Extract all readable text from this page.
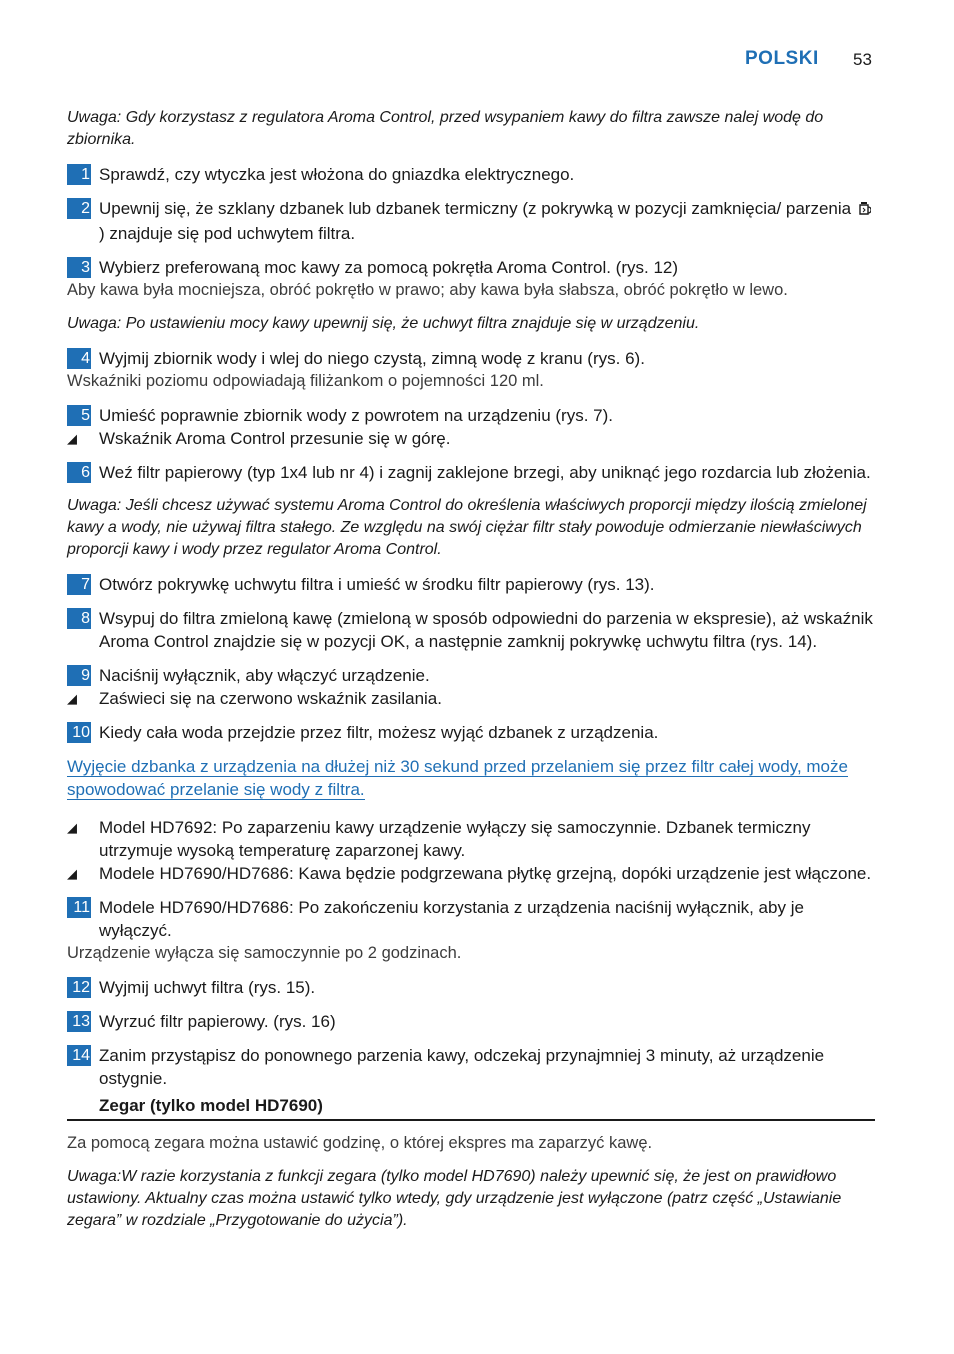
POLSKI 53

Uwaga: Gdy korzystasz z regulatora Aroma Control, przed wsypaniem kawy do filtra zawsze nalej wodę do zbiornika.

1 Sprawdź, czy wtyczka jest włożona do gniazdka elektrycznego.

2 Upewnij się, że szklany dzbanek lub dzbanek termiczny (z pokrywką w pozycji zamknięcia/ parzenia ) znajduje się pod uchwytem filtra.

3 Wybierz preferowaną moc kawy za pomocą pokrętła Aroma Control. (rys. 12)

Aby kawa była mocniejsza, obróć pokrętło w prawo; aby kawa była słabsza, obróć pokrętło w lewo.

Uwaga: Po ustawieniu mocy kawy upewnij się, że uchwyt filtra znajduje się w urządzeniu.

4 Wyjmij zbiornik wody i wlej do niego czystą, zimną wodę z kranu (rys. 6).

Wskaźniki poziomu odpowiadają filiżankom o pojemności 120 ml.

5 Umieść poprawnie zbiornik wody z powrotem na urządzeniu (rys. 7).

◢ Wskaźnik Aroma Control przesunie się w górę.

6 Weź filtr papierowy (typ 1x4 lub nr 4) i zagnij zaklejone brzegi, aby uniknąć jego rozdarcia lub złożenia.

Uwaga: Jeśli chcesz używać systemu Aroma Control do określenia właściwych proporcji między ilością zmielonej kawy a wody, nie używaj filtra stałego. Ze względu na swój ciężar filtr stały powoduje odmierzanie niewłaściwych proporcji kawy i wody przez regulator Aroma Control.

7 Otwórz pokrywkę uchwytu filtra i umieść w środku filtr papierowy (rys. 13).

8 Wsypuj do filtra zmieloną kawę (zmieloną w sposób odpowiedni do parzenia w ekspresie), aż wskaźnik Aroma Control znajdzie się w pozycji OK, a następnie zamknij pokrywkę uchwytu filtra (rys. 14).

9 Naciśnij wyłącznik, aby włączyć urządzenie.

◢ Zaświeci się na czerwono wskaźnik zasilania.

10 Kiedy cała woda przejdzie przez filtr, możesz wyjąć dzbanek z urządzenia.

Wyjęcie dzbanka z urządzenia na dłużej niż 30 sekund przed przelaniem się przez filtr całej wody, może spowodować przelanie się wody z filtra.

◢ Model HD7692: Po zaparzeniu kawy urządzenie wyłączy się samoczynnie. Dzbanek termiczny utrzymuje wysoką temperaturę zaparzonej kawy.

◢ Modele HD7690/HD7686: Kawa będzie podgrzewana płytkę grzejną, dopóki urządzenie jest włączone.

11 Modele HD7690/HD7686: Po zakończeniu korzystania z urządzenia naciśnij wyłącznik, aby je wyłączyć.

Urządzenie wyłącza się samoczynnie po 2 godzinach.

12 Wyjmij uchwyt filtra (rys. 15).

13 Wyrzuć filtr papierowy. (rys. 16)

14 Zanim przystąpisz do ponownego parzenia kawy, odczekaj przynajmniej 3 minuty, aż urządzenie ostygnie.

Zegar (tylko model HD7690)

Za pomocą zegara można ustawić godzinę, o której ekspres ma zaparzyć kawę.

Uwaga:W razie korzystania z funkcji zegara (tylko model HD7690) należy upewnić się, że jest on prawidłowo ustawiony. Aktualny czas można ustawić tylko wtedy, gdy urządzenie jest wyłączone (patrz część „Ustawianie zegara” w rozdziale „Przygotowanie do użycia”).
